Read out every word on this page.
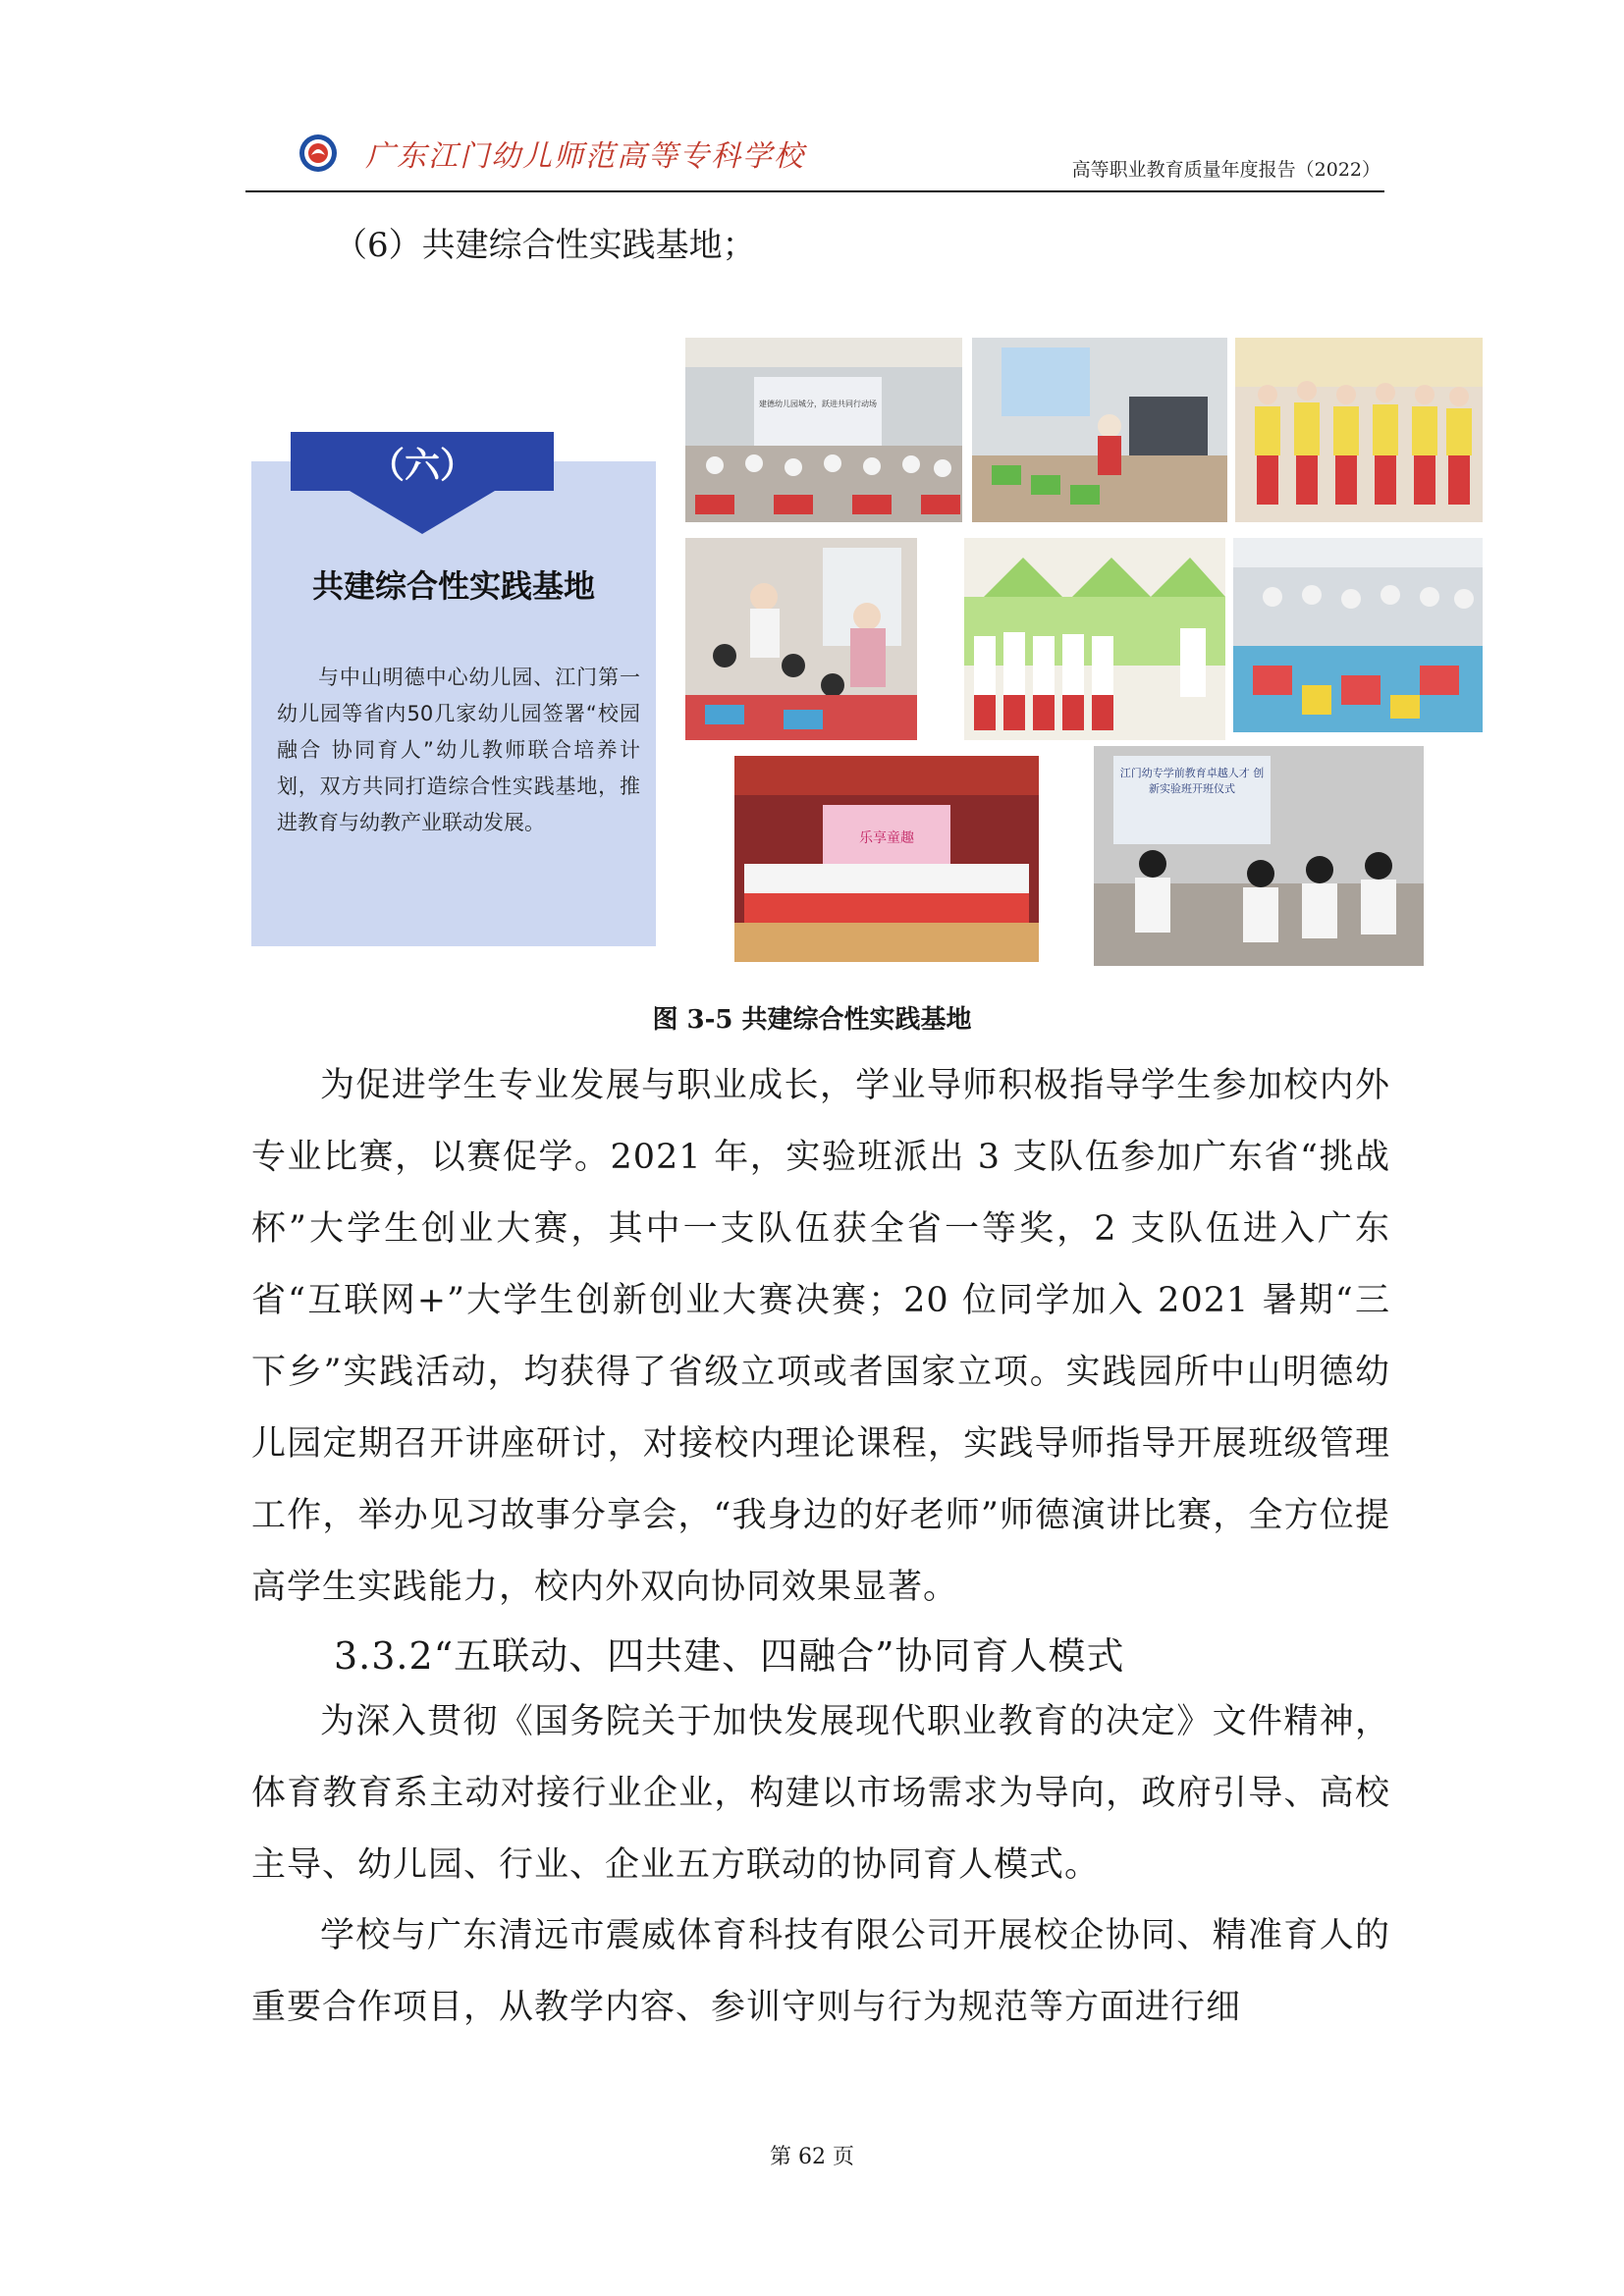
广东江门幼儿师范高等专科学校	高等职业教育质量年度报告（2022）
（6）共建综合性实践基地；
（六）
共建综合性实践基地
与中山明德中心幼儿园、江门第一幼儿园等省内50几家幼儿园签署“校园融合 协同育人”幼儿教师联合培养计划，双方共同打造综合性实践基地，推进教育与幼教产业联动发展。
建德幼儿园城分，跃进共同行动场
乐享童趣
江门幼专学前教育卓越人才 创新实验班开班仪式
图 3-5 共建综合性实践基地
为促进学生专业发展与职业成长，学业导师积极指导学生参加校内外专业比赛，以赛促学。2021 年，实验班派出 3 支队伍参加广东省“挑战杯”大学生创业大赛，其中一支队伍获全省一等奖，2 支队伍进入广东省“互联网+”大学生创新创业大赛决赛；20 位同学加入 2021 暑期“三下乡”实践活动，均获得了省级立项或者国家立项。实践园所中山明德幼儿园定期召开讲座研讨，对接校内理论课程，实践导师指导开展班级管理工作，举办见习故事分享会，“我身边的好老师”师德演讲比赛，全方位提高学生实践能力，校内外双向协同效果显著。
3.3.2“五联动、四共建、四融合”协同育人模式
为深入贯彻《国务院关于加快发展现代职业教育的决定》文件精神，体育教育系主动对接行业企业，构建以市场需求为导向，政府引导、高校主导、幼儿园、行业、企业五方联动的协同育人模式。
学校与广东清远市震威体育科技有限公司开展校企协同、精准育人的重要合作项目，从教学内容、参训守则与行为规范等方面进行细
第 62 页
